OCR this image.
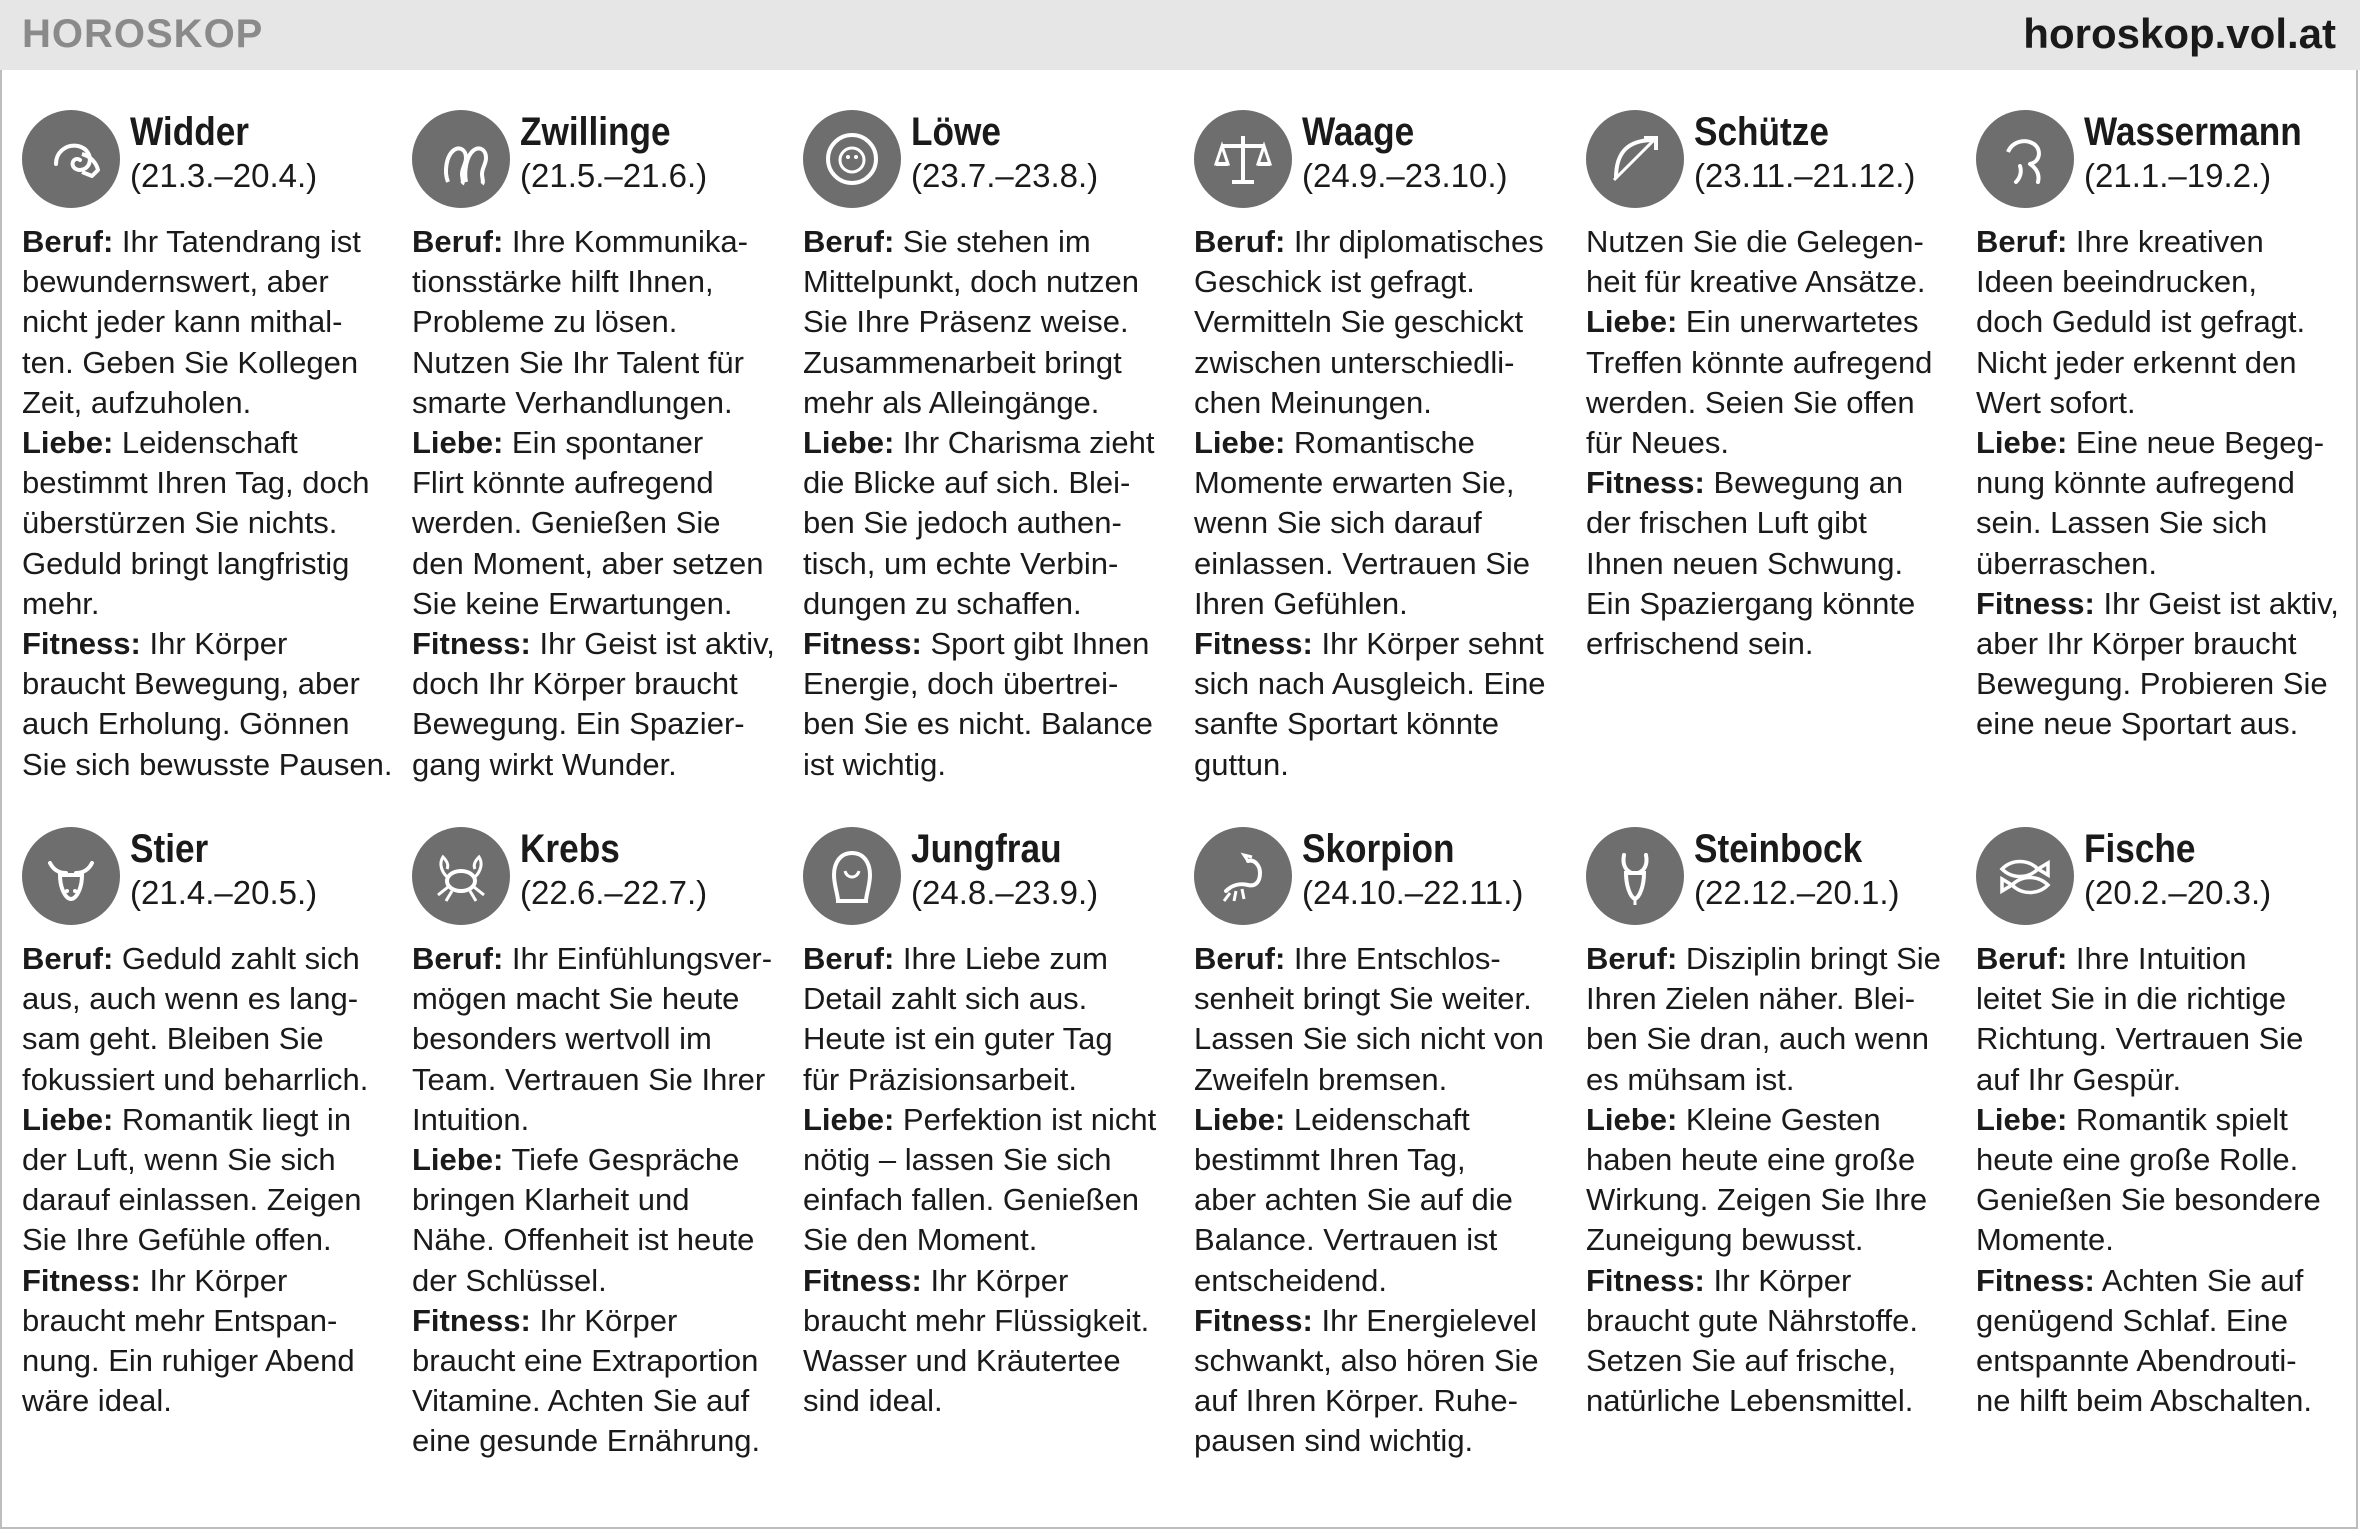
HOROSKOP	horoskop.vol.at
Widder
(21.3.–20.4.)
Beruf: Ihr Tatendrang ist
bewundernswert, aber
nicht jeder kann mithal-
ten. Geben Sie Kollegen
Zeit, aufzuholen.
Liebe: Leidenschaft
bestimmt Ihren Tag, doch
überstürzen Sie nichts.
Geduld bringt langfristig
mehr.
Fitness: Ihr Körper
braucht Bewegung, aber
auch Erholung. Gönnen
Sie sich bewusste Pausen.
Zwillinge
(21.5.–21.6.)
Beruf: Ihre Kommunika-
tionsstärke hilft Ihnen,
Probleme zu lösen.
Nutzen Sie Ihr Talent für
smarte Verhandlungen.
Liebe: Ein spontaner
Flirt könnte aufregend
werden. Genießen Sie
den Moment, aber setzen
Sie keine Erwartungen.
Fitness: Ihr Geist ist aktiv,
doch Ihr Körper braucht
Bewegung. Ein Spazier-
gang wirkt Wunder.
Löwe
(23.7.–23.8.)
Beruf: Sie stehen im
Mittelpunkt, doch nutzen
Sie Ihre Präsenz weise.
Zusammenarbeit bringt
mehr als Alleingänge.
Liebe: Ihr Charisma zieht
die Blicke auf sich. Blei-
ben Sie jedoch authen-
tisch, um echte Verbin-
dungen zu schaffen.
Fitness: Sport gibt Ihnen
Energie, doch übertrei-
ben Sie es nicht. Balance
ist wichtig.
Waage
(24.9.–23.10.)
Beruf: Ihr diplomatisches
Geschick ist gefragt.
Vermitteln Sie geschickt
zwischen unterschiedli-
chen Meinungen.
Liebe: Romantische
Momente erwarten Sie,
wenn Sie sich darauf
einlassen. Vertrauen Sie
Ihren Gefühlen.
Fitness: Ihr Körper sehnt
sich nach Ausgleich. Eine
sanfte Sportart könnte
guttun.
Schütze
(23.11.–21.12.)
Nutzen Sie die Gelegen-
heit für kreative Ansätze.
Liebe: Ein unerwartetes
Treffen könnte aufregend
werden. Seien Sie offen
für Neues.
Fitness: Bewegung an
der frischen Luft gibt
Ihnen neuen Schwung.
Ein Spaziergang könnte
erfrischend sein.
Wassermann
(21.1.–19.2.)
Beruf: Ihre kreativen
Ideen beeindrucken,
doch Geduld ist gefragt.
Nicht jeder erkennt den
Wert sofort.
Liebe: Eine neue Begeg-
nung könnte aufregend
sein. Lassen Sie sich
überraschen.
Fitness: Ihr Geist ist aktiv,
aber Ihr Körper braucht
Bewegung. Probieren Sie
eine neue Sportart aus.
Stier
(21.4.–20.5.)
Beruf: Geduld zahlt sich
aus, auch wenn es lang-
sam geht. Bleiben Sie
fokussiert und beharrlich.
Liebe: Romantik liegt in
der Luft, wenn Sie sich
darauf einlassen. Zeigen
Sie Ihre Gefühle offen.
Fitness: Ihr Körper
braucht mehr Entspan-
nung. Ein ruhiger Abend
wäre ideal.
Krebs
(22.6.–22.7.)
Beruf: Ihr Einfühlungsver-
mögen macht Sie heute
besonders wertvoll im
Team. Vertrauen Sie Ihrer
Intuition.
Liebe: Tiefe Gespräche
bringen Klarheit und
Nähe. Offenheit ist heute
der Schlüssel.
Fitness: Ihr Körper
braucht eine Extraportion
Vitamine. Achten Sie auf
eine gesunde Ernährung.
Jungfrau
(24.8.–23.9.)
Beruf: Ihre Liebe zum
Detail zahlt sich aus.
Heute ist ein guter Tag
für Präzisionsarbeit.
Liebe: Perfektion ist nicht
nötig – lassen Sie sich
einfach fallen. Genießen
Sie den Moment.
Fitness: Ihr Körper
braucht mehr Flüssigkeit.
Wasser und Kräutertee
sind ideal.
Skorpion
(24.10.–22.11.)
Beruf: Ihre Entschlos-
senheit bringt Sie weiter.
Lassen Sie sich nicht von
Zweifeln bremsen.
Liebe: Leidenschaft
bestimmt Ihren Tag,
aber achten Sie auf die
Balance. Vertrauen ist
entscheidend.
Fitness: Ihr Energielevel
schwankt, also hören Sie
auf Ihren Körper. Ruhe-
pausen sind wichtig.
Steinbock
(22.12.–20.1.)
Beruf: Disziplin bringt Sie
Ihren Zielen näher. Blei-
ben Sie dran, auch wenn
es mühsam ist.
Liebe: Kleine Gesten
haben heute eine große
Wirkung. Zeigen Sie Ihre
Zuneigung bewusst.
Fitness: Ihr Körper
braucht gute Nährstoffe.
Setzen Sie auf frische,
natürliche Lebensmittel.
Fische
(20.2.–20.3.)
Beruf: Ihre Intuition
leitet Sie in die richtige
Richtung. Vertrauen Sie
auf Ihr Gespür.
Liebe: Romantik spielt
heute eine große Rolle.
Genießen Sie besondere
Momente.
Fitness: Achten Sie auf
genügend Schlaf. Eine
entspannte Abendrouti-
ne hilft beim Abschalten.
